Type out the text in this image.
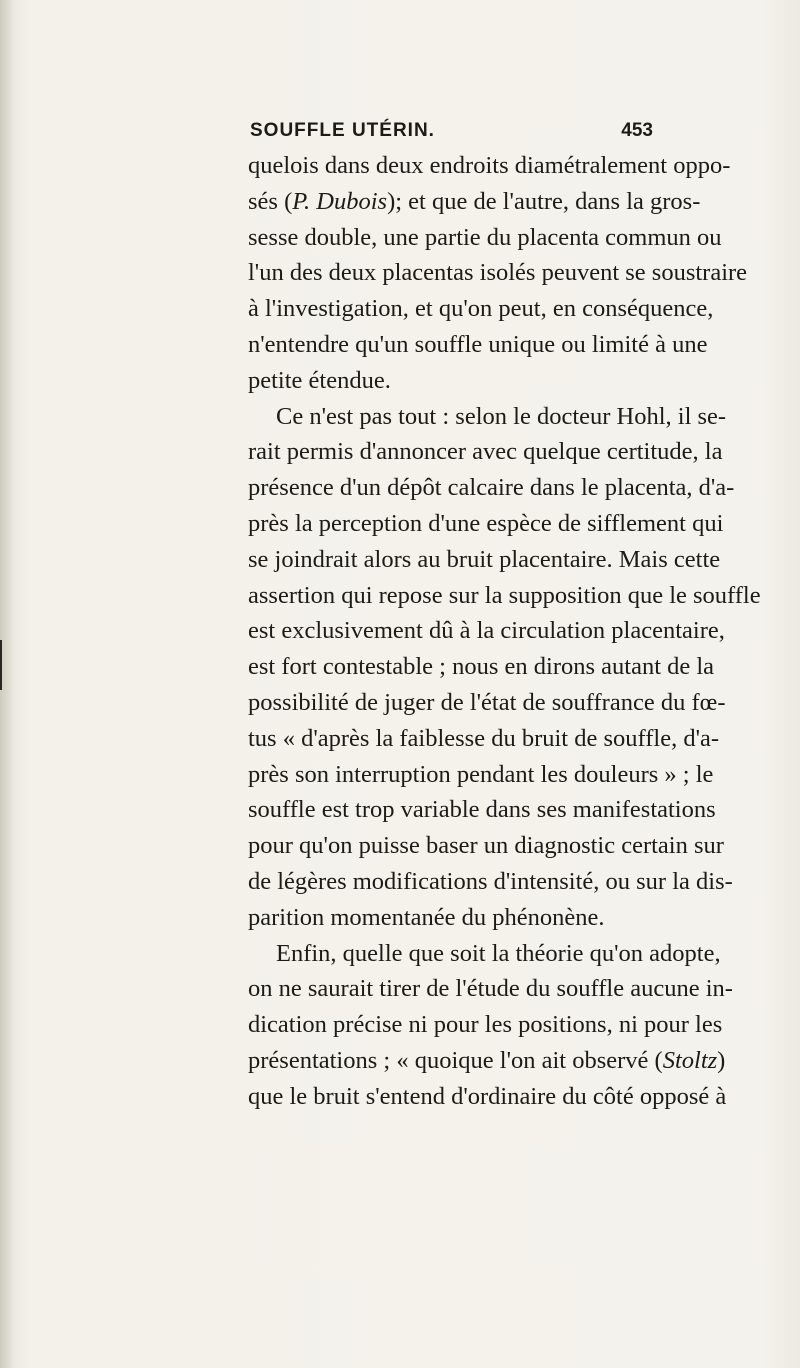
SOUFFLE UTÉRIN.	453
quelois dans deux endroits diamétralement oppo-
sés (P. Dubois); et que de l'autre, dans la gros-
sesse double, une partie du placenta commun ou
l'un des deux placentas isolés peuvent se soustraire
à l'investigation, et qu'on peut, en conséquence,
n'entendre qu'un souffle unique ou limité à une
petite étendue.
Ce n'est pas tout : selon le docteur Hohl, il se-
rait permis d'annoncer avec quelque certitude, la
présence d'un dépôt calcaire dans le placenta, d'a-
près la perception d'une espèce de sifflement qui
se joindrait alors au bruit placentaire. Mais cette
assertion qui repose sur la supposition que le souffle
est exclusivement dû à la circulation placentaire,
est fort contestable ; nous en dirons autant de la
possibilité de juger de l'état de souffrance du fœ-
tus « d'après la faiblesse du bruit de souffle, d'a-
près son interruption pendant les douleurs » ; le
souffle est trop variable dans ses manifestations
pour qu'on puisse baser un diagnostic certain sur
de légères modifications d'intensité, ou sur la dis-
parition momentanée du phénonène.
Enfin, quelle que soit la théorie qu'on adopte,
on ne saurait tirer de l'étude du souffle aucune in-
dication précise ni pour les positions, ni pour les
présentations ; « quoique l'on ait observé (Stoltz)
que le bruit s'entend d'ordinaire du côté opposé à
